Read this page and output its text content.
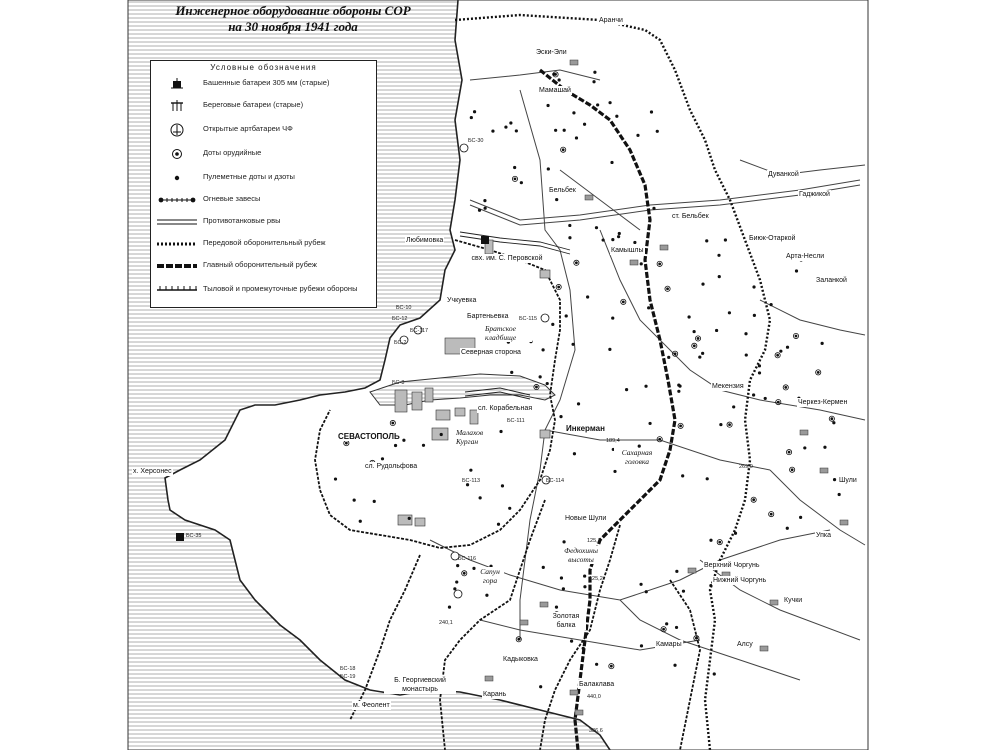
Инженерное оборудование обороны СОР
на 30 ноября 1941 года
Условные обозначения
Башенные батареи 305 мм (старые)
Береговые батареи (старые)
Открытые артбатареи ЧФ
Доты орудийные
Пулеметные доты и дзоты
Огневые завесы
Противотанковые рвы
Передовой оборонительный рубеж
Главный оборонительный рубеж
Тыловой и промежуточные рубежи обороны
Аранчи
Эски-Эли
Мамашай
Бельбек
ст. Бельбек
Дуванкой
Гаджикой
Биюк-Отаркой
Арта-Несли
Заланкой
Любимовка
свх. им. С. Перовской
Камышлы
Учкуевка
Бартеньевка
Братское кладбище
Северная сторона
Мекензия
Черкез-Кермен
сл. Корабельная
СЕВАСТОПОЛЬ	Малахов Курган
Инкерман
Сахарная головка
сл. Рудольфова
х. Херсонес
Новые Шули
Шули
Упка
Федюхины высоты
Сапун гора
Верхний Чоргунь
Нижний Чоргунь
Кучки
Золотая балка
Камары
Кадыковка
Алсу
Карань
Балаклава
Б. Георгиевский монастырь
м. Феолент
БС-10
БС-2
БС-12
БС-8
БС-111
БС-113	БС-114
БС-115
БС-116
БС-35
БС-18
БС-19
БС-30
БС-117
189,4
269,0
125,7
125,2
440,0
240,1
386,6
